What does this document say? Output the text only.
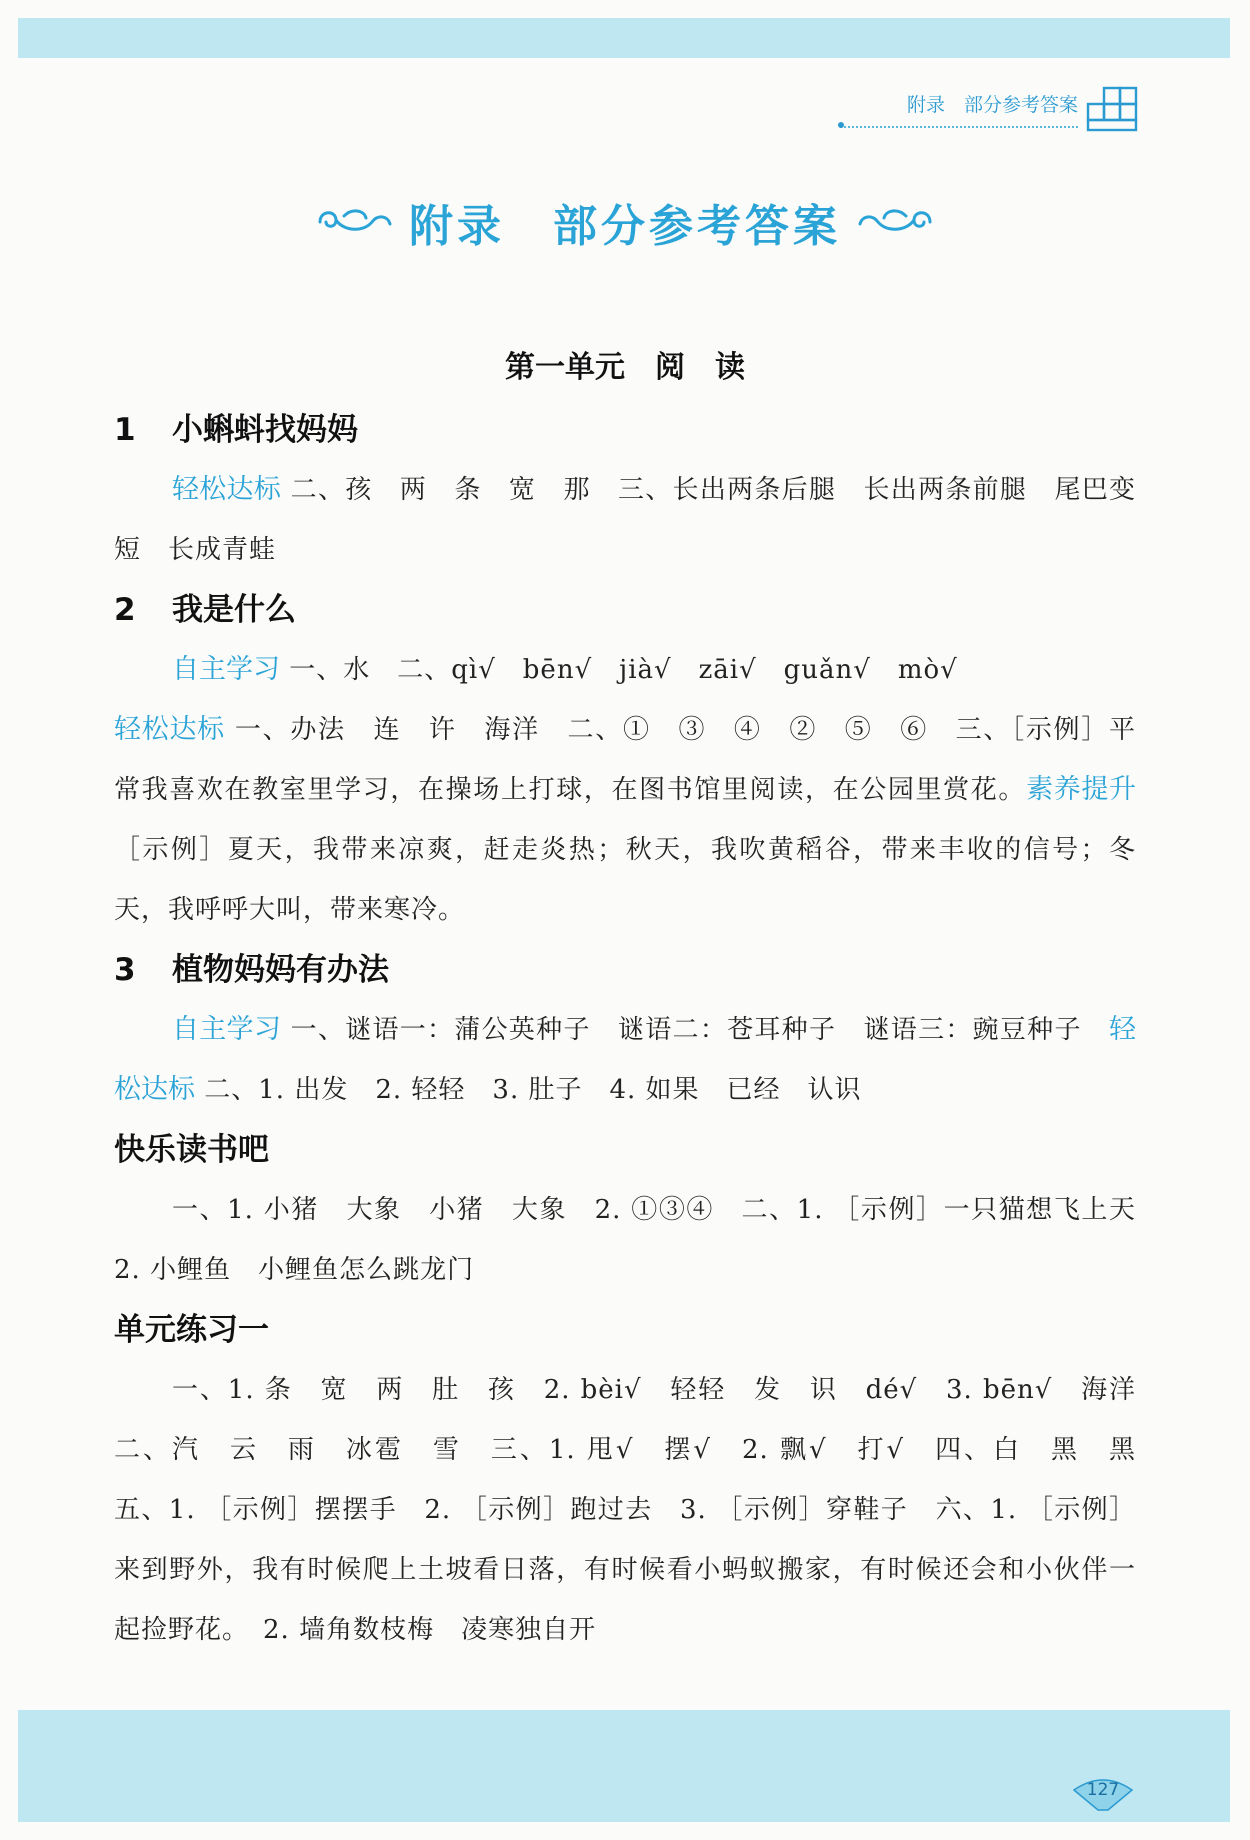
附录　部分参考答案
附录　部分参考答案
第一单元　阅　读
1 小蝌蚪找妈妈

轻松达标 二、孩　两　条　宽　那　三、长出两条后腿　长出两条前腿　尾巴变短　长成青蛙

2 我是什么

自主学习 一、水　二、qì√　bēn√　jià√　zāi√　guǎn√　mò√

轻松达标 一、办法　连　许　海洋　二、①　③　④　②　⑤　⑥　三、［示例］平常我喜欢在教室里学习，在操场上打球，在图书馆里阅读，在公园里赏花。素养提升 ［示例］夏天，我带来凉爽，赶走炎热；秋天，我吹黄稻谷，带来丰收的信号；冬天，我呼呼大叫，带来寒冷。

3 植物妈妈有办法

自主学习 一、谜语一：蒲公英种子　谜语二：苍耳种子　谜语三：豌豆种子　轻松达标 二、1. 出发　2. 轻轻　3. 肚子　4. 如果　已经　认识

快乐读书吧

一、1. 小猪　大象　小猪　大象　2. ①③④　二、1. ［示例］一只猫想飞上天　2. 小鲤鱼　小鲤鱼怎么跳龙门

单元练习一

一、1. 条　宽　两　肚　孩　2. bèi√　轻轻　发　识　dé√　3. bēn√　海洋　二、汽　云　雨　冰雹　雪　三、1. 甩√　摆√　2. 飘√　打√　四、白　黑　黑　五、1. ［示例］摆摆手　2. ［示例］跑过去　3. ［示例］穿鞋子　六、1. ［示例］来到野外，我有时候爬上土坡看日落，有时候看小蚂蚁搬家，有时候还会和小伙伴一起捡野花。　2. 墙角数枝梅　凌寒独自开

127
